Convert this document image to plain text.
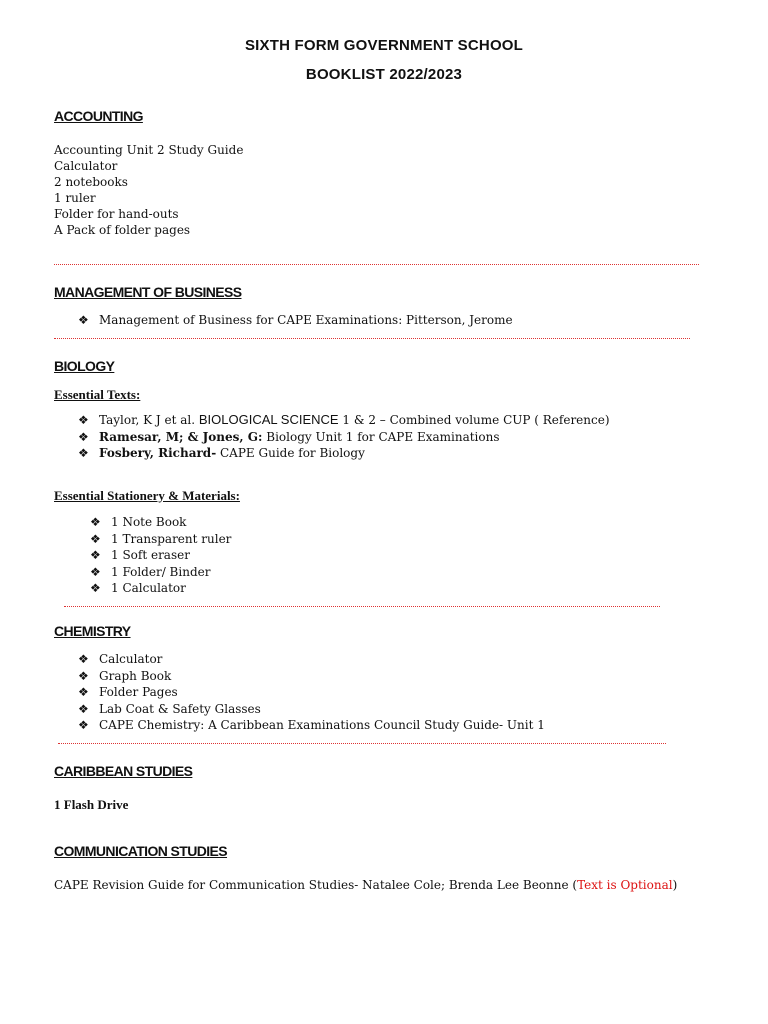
SIXTH FORM GOVERNMENT SCHOOL
BOOKLIST 2022/2023
ACCOUNTING
Accounting Unit 2 Study Guide
Calculator
2 notebooks
1 ruler
Folder for hand-outs
A Pack of folder pages
MANAGEMENT OF BUSINESS
❖ Management of Business for CAPE Examinations: Pitterson, Jerome
BIOLOGY
Essential Texts:
❖ Taylor, K J et al. BIOLOGICAL SCIENCE 1 & 2 – Combined volume CUP ( Reference)
❖ Ramesar, M; & Jones, G: Biology Unit 1 for CAPE Examinations
❖ Fosbery, Richard- CAPE Guide for Biology
Essential Stationery & Materials:
❖ 1 Note Book
❖ 1 Transparent ruler
❖ 1 Soft eraser
❖ 1 Folder/ Binder
❖ 1 Calculator
CHEMISTRY
❖ Calculator
❖ Graph Book
❖ Folder Pages
❖ Lab Coat & Safety Glasses
❖ CAPE Chemistry: A Caribbean Examinations Council Study Guide- Unit 1
CARIBBEAN STUDIES

1 Flash Drive

COMMUNICATION STUDIES

CAPE Revision Guide for Communication Studies- Natalee Cole; Brenda Lee Beonne (Text is Optional)
